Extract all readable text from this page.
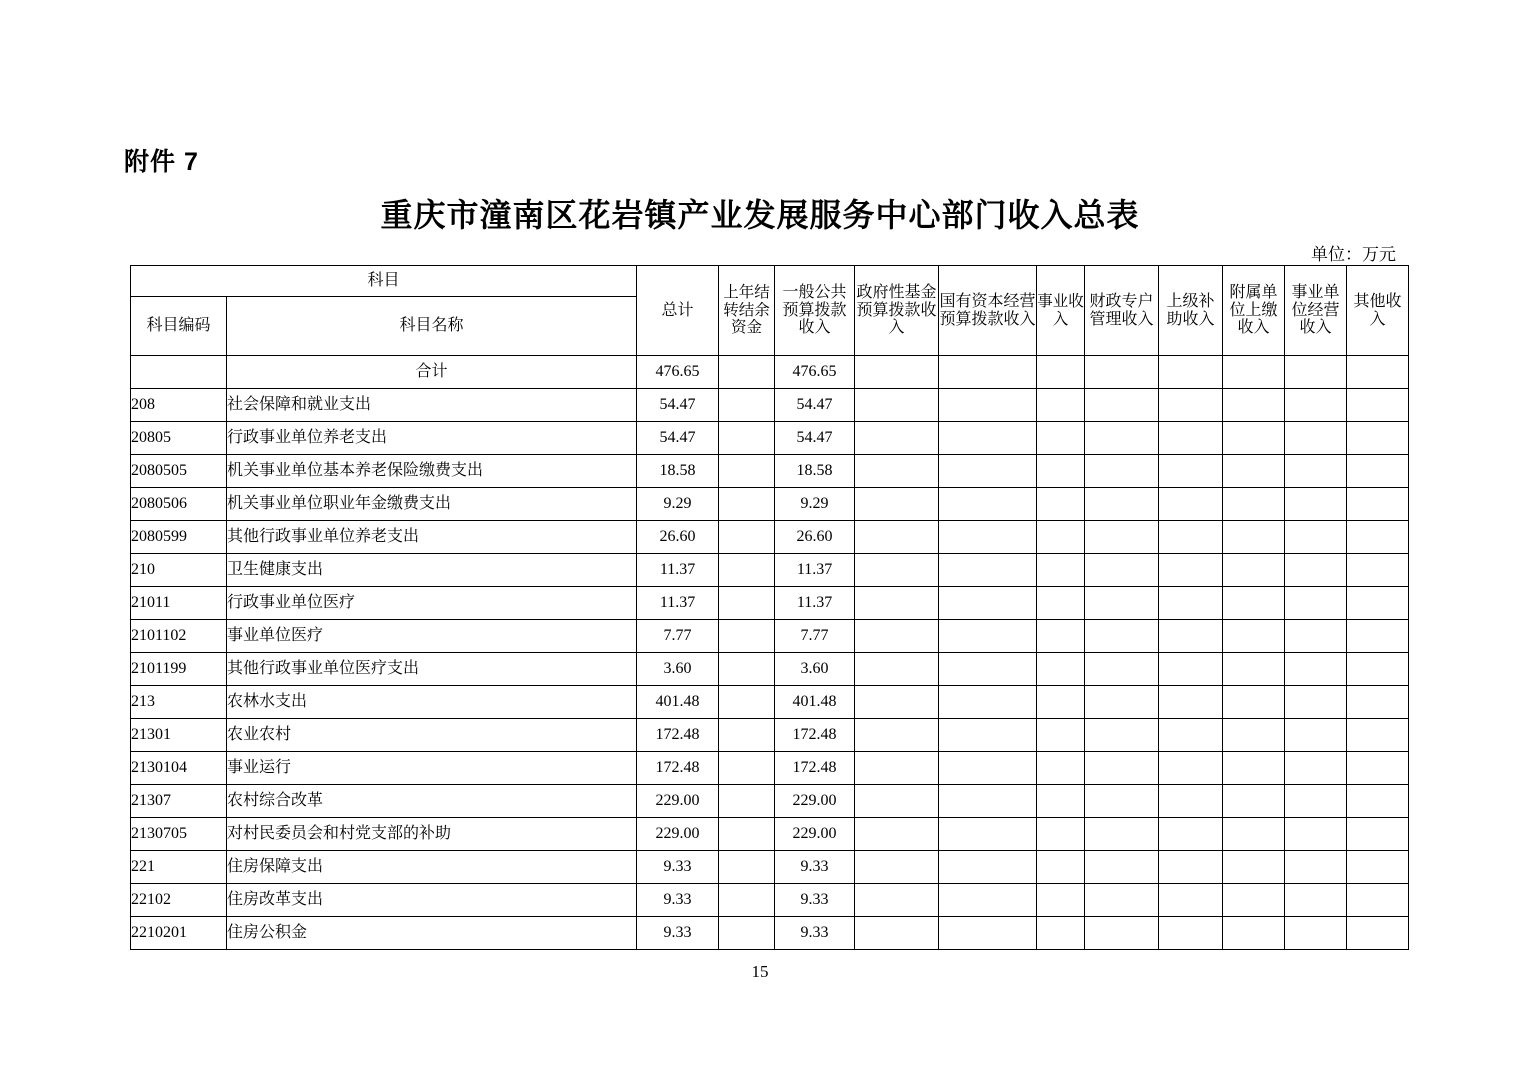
附件 7
重庆市潼南区花岩镇产业发展服务中心部门收入总表
单位：万元
科目		总计	上年结转结余资金	一般公共预算拨款收入	政府性基金预算拨款收入	国有资本经营预算拨款收入	事业收入	财政专户管理收入	上级补助收入	附属单位上缴收入	事业单位经营收入	其他收入
科目编码	科目名称											
	合计	476.65		476.65								
208	社会保障和就业支出	54.47		54.47								
20805	行政事业单位养老支出	54.47		54.47								
2080505	机关事业单位基本养老保险缴费支出	18.58		18.58								
2080506	机关事业单位职业年金缴费支出	9.29		9.29								
2080599	其他行政事业单位养老支出	26.60		26.60								
210	卫生健康支出	11.37		11.37								
21011	行政事业单位医疗	11.37		11.37								
2101102	事业单位医疗	7.77		7.77								
2101199	其他行政事业单位医疗支出	3.60		3.60								
213	农林水支出	401.48		401.48								
21301	农业农村	172.48		172.48								
2130104	事业运行	172.48		172.48								
21307	农村综合改革	229.00		229.00								
2130705	对村民委员会和村党支部的补助	229.00		229.00								
221	住房保障支出	9.33		9.33								
22102	住房改革支出	9.33		9.33								
2210201	住房公积金	9.33		9.33								
15
